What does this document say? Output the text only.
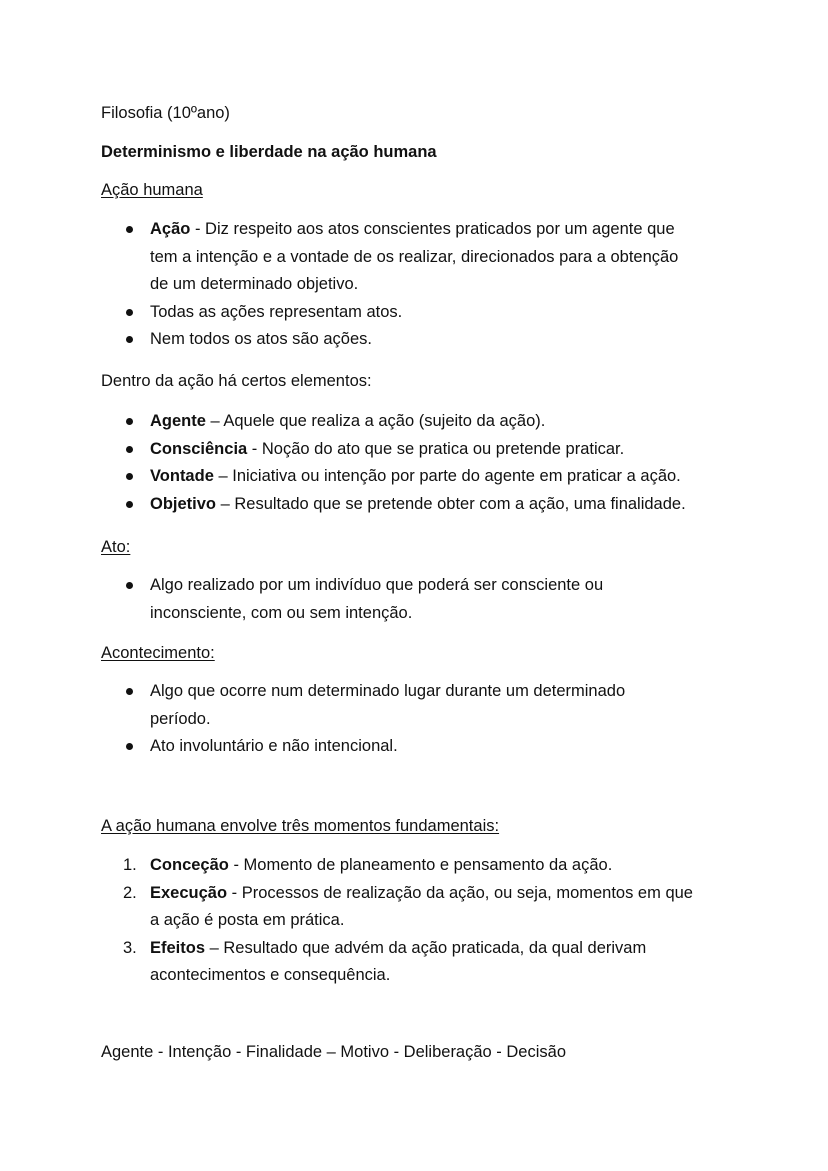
Filosofia (10ºano)

Determinismo e liberdade na ação humana

Ação humana

Ação - Diz respeito aos atos conscientes praticados por um agente que
tem a intenção e a vontade de os realizar, direcionados para a obtenção
de um determinado objetivo.
Todas as ações representam atos.
Nem todos os atos são ações.

Dentro da ação há certos elementos:

Agente – Aquele que realiza a ação (sujeito da ação).
Consciência - Noção do ato que se pratica ou pretende praticar.
Vontade – Iniciativa ou intenção por parte do agente em praticar a ação.
Objetivo – Resultado que se pretende obter com a ação, uma finalidade.

Ato:

Algo realizado por um indivíduo que poderá ser consciente ou
inconsciente, com ou sem intenção.

Acontecimento:

Algo que ocorre num determinado lugar durante um determinado
período.
Ato involuntário e não intencional.

A ação humana envolve três momentos fundamentais:

1. Conceção - Momento de planeamento e pensamento da ação.
2. Execução - Processos de realização da ação, ou seja, momentos em que
a ação é posta em prática.
3. Efeitos – Resultado que advém da ação praticada, da qual derivam
acontecimentos e consequência.

Agente - Intenção - Finalidade – Motivo - Deliberação - Decisão
